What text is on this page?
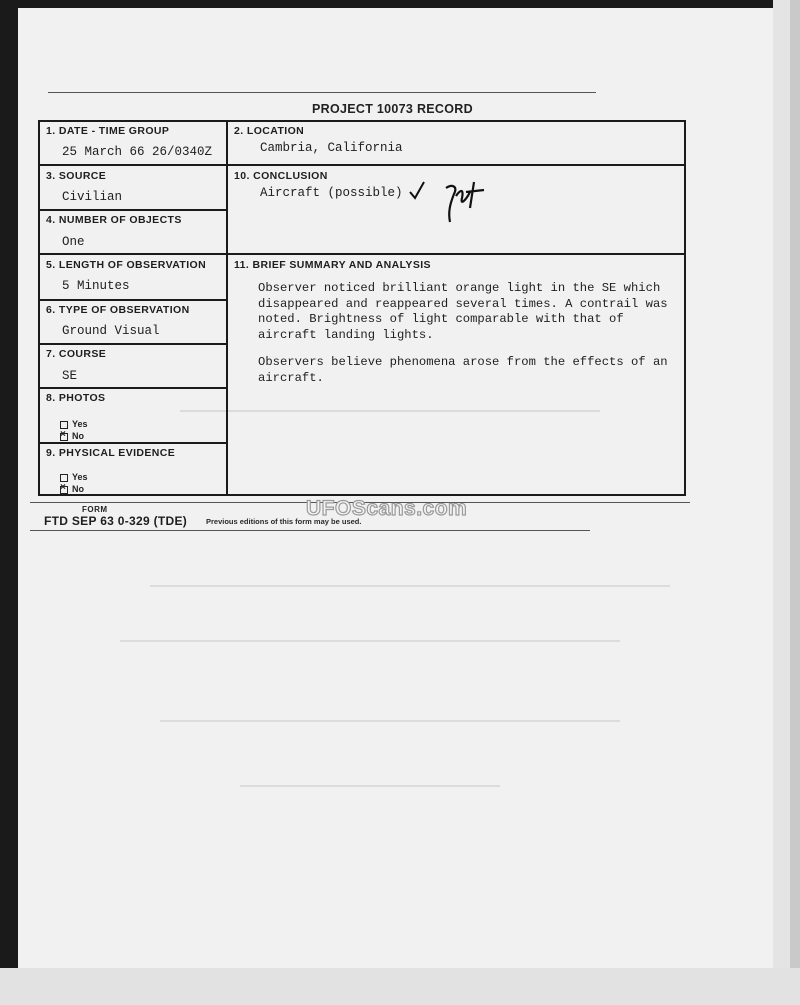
PROJECT 10073 RECORD
1. DATE - TIME GROUP
25 March 66 26/0340Z
2. LOCATION
Cambria, California
3. SOURCE
Civilian
10. CONCLUSION
Aircraft (possible)
4. NUMBER OF OBJECTS
One
5. LENGTH OF OBSERVATION
5 Minutes
11. BRIEF SUMMARY AND ANALYSIS
6. TYPE OF OBSERVATION
Ground Visual
7. COURSE
SE
8. PHOTOS
Yes
×No
9. PHYSICAL EVIDENCE
Yes
×No

Observer noticed brilliant orange light in the SE which disappeared and reappeared several times. A contrail was noted. Brightness of light comparable with that of aircraft landing lights.

Observers believe phenomena arose from the effects of an aircraft.

FORM
FTD SEP 63 0-329 (TDE)	Previous editions of this form may be used.
UFOScans.com
